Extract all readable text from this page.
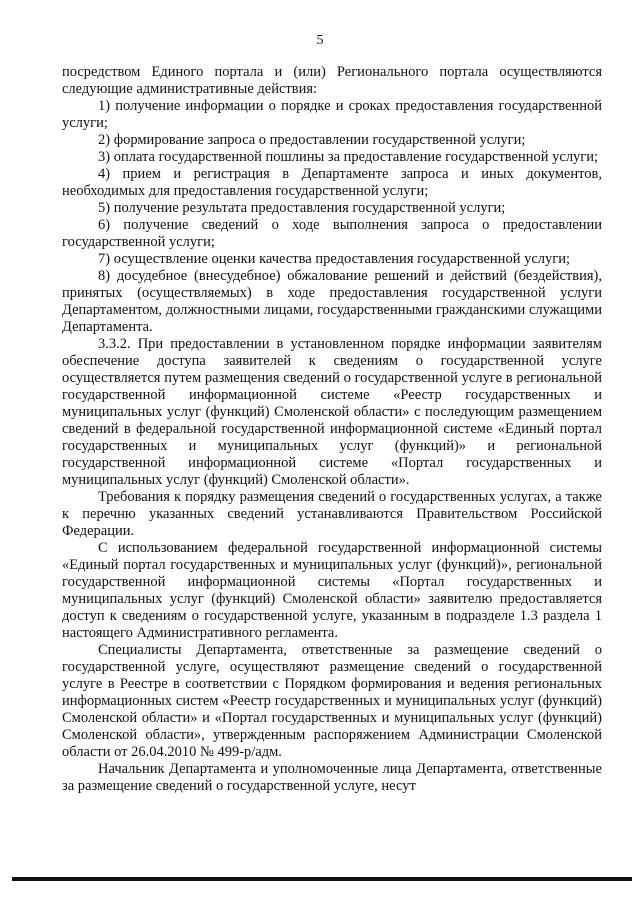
5

посредством Единого портала и (или) Регионального портала осуществляются следующие административные действия:

1) получение информации о порядке и сроках предоставления государственной услуги;

2) формирование запроса о предоставлении государственной услуги;

3) оплата государственной пошлины за предоставление государственной услуги;

4) прием и регистрация в Департаменте запроса и иных документов, необходимых для предоставления государственной услуги;

5) получение результата предоставления государственной услуги;

6) получение сведений о ходе выполнения запроса о предоставлении государственной услуги;

7) осуществление оценки качества предоставления государственной услуги;

8) досудебное (внесудебное) обжалование решений и действий (бездействия), принятых (осуществляемых) в ходе предоставления государственной услуги Департаментом, должностными лицами, государственными гражданскими служащими Департамента.

3.3.2. При предоставлении в установленном порядке информации заявителям обеспечение доступа заявителей к сведениям о государственной услуге осуществляется путем размещения сведений о государственной услуге в региональной государственной информационной системе «Реестр государственных и муниципальных услуг (функций) Смоленской области» с последующим размещением сведений в федеральной государственной информационной системе «Единый портал государственных и муниципальных услуг (функций)» и региональной государственной информационной системе «Портал государственных и муниципальных услуг (функций) Смоленской области».

Требования к порядку размещения сведений о государственных услугах, а также к перечню указанных сведений устанавливаются Правительством Российской Федерации.

С использованием федеральной государственной информационной системы «Единый портал государственных и муниципальных услуг (функций)», региональной государственной информационной системы «Портал государственных и муниципальных услуг (функций) Смоленской области» заявителю предоставляется доступ к сведениям о государственной услуге, указанным в подразделе 1.3 раздела 1 настоящего Административного регламента.

Специалисты Департамента, ответственные за размещение сведений о государственной услуге, осуществляют размещение сведений о государственной услуге в Реестре в соответствии с Порядком формирования и ведения региональных информационных систем «Реестр государственных и муниципальных услуг (функций) Смоленской области» и «Портал государственных и муниципальных услуг (функций) Смоленской области», утвержденным распоряжением Администрации Смоленской области от 26.04.2010 № 499-р/адм.

Начальник Департамента и уполномоченные лица Департамента, ответственные за размещение сведений о государственной услуге, несут
